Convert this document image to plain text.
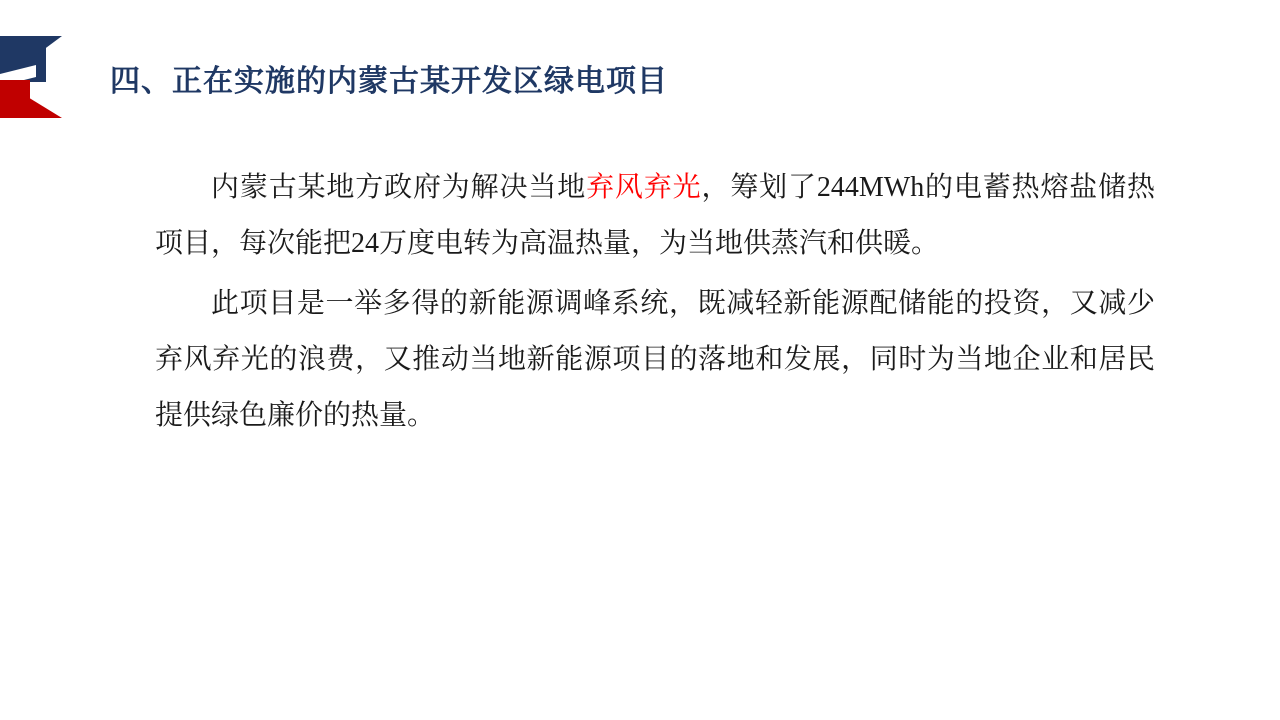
四、正在实施的内蒙古某开发区绿电项目

内蒙古某地方政府为解决当地弃风弃光，筹划了244MWh的电蓄热熔盐储热项目，每次能把24万度电转为高温热量，为当地供蒸汽和供暖。

此项目是一举多得的新能源调峰系统，既减轻新能源配储能的投资，又减少弃风弃光的浪费，又推动当地新能源项目的落地和发展，同时为当地企业和居民提供绿色廉价的热量。
